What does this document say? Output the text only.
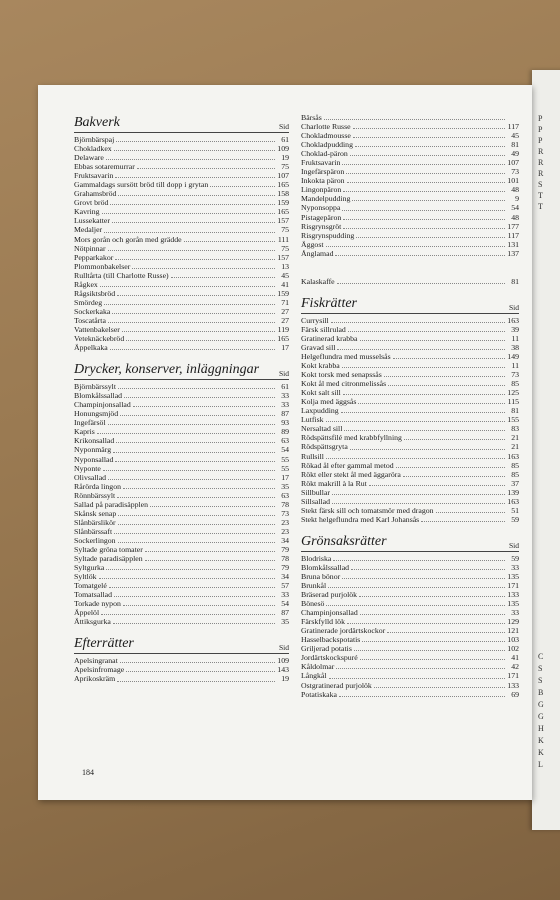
P
P
P
R
R
R
S
T
T
C
S
S
B
G
G
H
K
K
L
Bakverk	Sid
Björnbärspaj	61
Chokladkex	109
Delaware	19
Ebbas sotaremurrar	75
Fruktsavarin	107
Gammaldags sursött bröd till dopp i grytan	165
Grahamsbröd	158
Grovt bröd	159
Kavring	165
Lussekatter	157
Medaljer	75
Mors gorån och gorån med grädde	111
Nötpinnar	75
Pepparkakor	157
Plommonbakelser	13
Rulltårta (till Charlotte Russe)	45
Rågkex	41
Rågsiktsbröd	159
Smördeg	71
Sockerkaka	27
Toscatårta	27
Vattenbakelser	119
Veteknäckebröd	165
Äppelkaka	17
Drycker, konserver, inläggningar	Sid
Björnbärssylt	61
Blomkålssallad	33
Champinjonsallad	33
Honungsmjöd	87
Ingefärsöl	93
Kapris	89
Krikonsallad	63
Nyponmärg	54
Nyponsallad	55
Nyponte	55
Olivsallad	17
Rårörda lingon	35
Rönnbärssylt	63
Sallad på paradisäpplen	78
Skånsk senap	73
Slånbärslikör	23
Slånbärssaft	23
Sockerlingon	34
Syltade gröna tomater	79
Syltade paradisäpplen	78
Syltgurka	79
Syltlök	34
Tomatgelé	57
Tomatsallad	33
Torkade nypon	54
Äppelöl	87
Ättiksgurka	35
Efterrätter	Sid
Apelsingranat	109
Apelsinfromage	143
Aprikoskräm	19
Bärsås
Charlotte Russe	117
Chokladmousse	45
Chokladpudding	81
Choklad-päron	49
Fruktsavarin	107
Ingefärspäron	73
Inkokta päron	101
Lingonpäron	48
Mandelpudding	9
Nyponsoppa	54
Pistagepäron	48
Risgrynsgröt	177
Risgrynspudding	117
Äggost	131
Ånglamad	137
Kalaskaffe	81
Fiskrätter	Sid
Currysill	163
Färsk sillrulad	39
Gratinerad krabba	11
Gravad sill	38
Helgeflundra med musselsås	149
Kokt krabba	11
Kokt torsk med senapssås	73
Kokt ål med citronmelissås	85
Kokt salt sill	125
Kolja med äggsås	115
Laxpudding	81
Lutfisk	155
Nersaltad sill	83
Rödspättsfilé med krabbfyllning	21
Rödspättsgryta	21
Rullsill	163
Rökad ål efter gammal metod	85
Rökt eller stekt ål med äggaröra	85
Rökt makrill à la Rut	37
Sillbullar	139
Sillsallad	163
Stekt färsk sill och tomatsmör med dragon	51
Stekt helgeflundra med Karl Johansås	59
Grönsaksrätter	Sid
Blodriska	59
Blomkålssallad	33
Bruna bönor	135
Brunkål	171
Bräserad purjolök	133
Bönesö	135
Champinjonsallad	33
Färskfylld lök	129
Gratinerade jordärtskockor	121
Hasselbackspotatis	103
Griljerad potatis	102
Jordärtskockspuré	41
Kåldolmar	42
Långkål	171
Ostgratinerad purjolök	133
Potatiskaka	69
184
